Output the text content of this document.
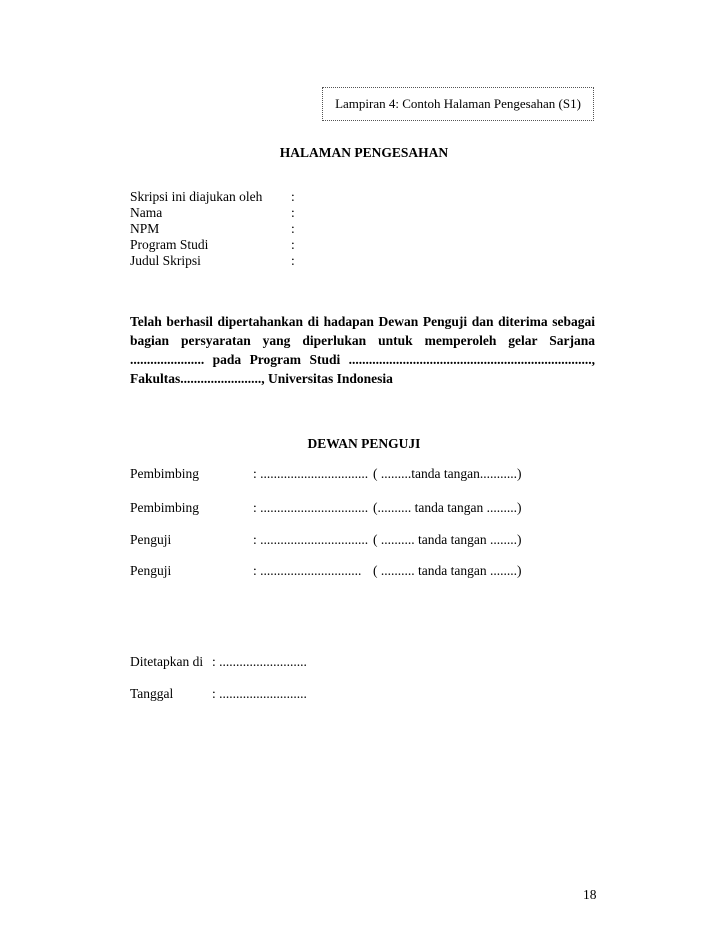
Lampiran 4: Contoh Halaman Pengesahan (S1)
HALAMAN PENGESAHAN
Skripsi ini diajukan oleh :
Nama	:
NPM	:
Program Studi	:
Judul Skripsi	:
Telah berhasil dipertahankan di hadapan Dewan Penguji dan diterima sebagai
bagian persyaratan yang diperlukan untuk memperoleh gelar Sarjana
...................... pada Program Studi ........................................................................,
Fakultas........................, Universitas Indonesia
DEWAN PENGUJI
Pembimbing	: ................................ ( .........tanda tangan...........)
Pembimbing	: ................................ (.......... tanda tangan .........)
Penguji	: ................................ ( .......... tanda tangan ........)
Penguji	: .............................. ( .......... tanda tangan ........)
Ditetapkan di : ..........................
Tanggal	: ..........................
18
